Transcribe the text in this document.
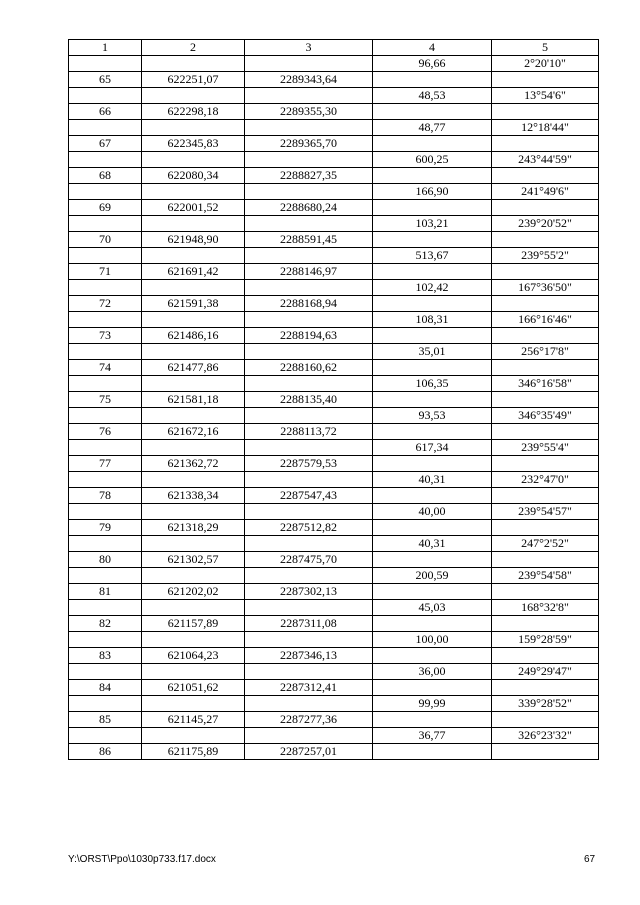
1	2	3	4	5
			96,66	2°20'10"
65	622251,07	2289343,64		
			48,53	13°54'6"
66	622298,18	2289355,30		
			48,77	12°18'44"
67	622345,83	2289365,70		
			600,25	243°44'59"
68	622080,34	2288827,35		
			166,90	241°49'6"
69	622001,52	2288680,24		
			103,21	239°20'52"
70	621948,90	2288591,45		
			513,67	239°55'2"
71	621691,42	2288146,97		
			102,42	167°36'50"
72	621591,38	2288168,94		
			108,31	166°16'46"
73	621486,16	2288194,63		
			35,01	256°17'8"
74	621477,86	2288160,62		
			106,35	346°16'58"
75	621581,18	2288135,40		
			93,53	346°35'49"
76	621672,16	2288113,72		
			617,34	239°55'4"
77	621362,72	2287579,53		
			40,31	232°47'0"
78	621338,34	2287547,43		
			40,00	239°54'57"
79	621318,29	2287512,82		
			40,31	247°2'52"
80	621302,57	2287475,70		
			200,59	239°54'58"
81	621202,02	2287302,13		
			45,03	168°32'8"
82	621157,89	2287311,08		
			100,00	159°28'59"
83	621064,23	2287346,13		
			36,00	249°29'47"
84	621051,62	2287312,41		
			99,99	339°28'52"
85	621145,27	2287277,36		
			36,77	326°23'32"
86	621175,89	2287257,01		
Y:\ORST\Ppo\1030p733.f17.docx	67
